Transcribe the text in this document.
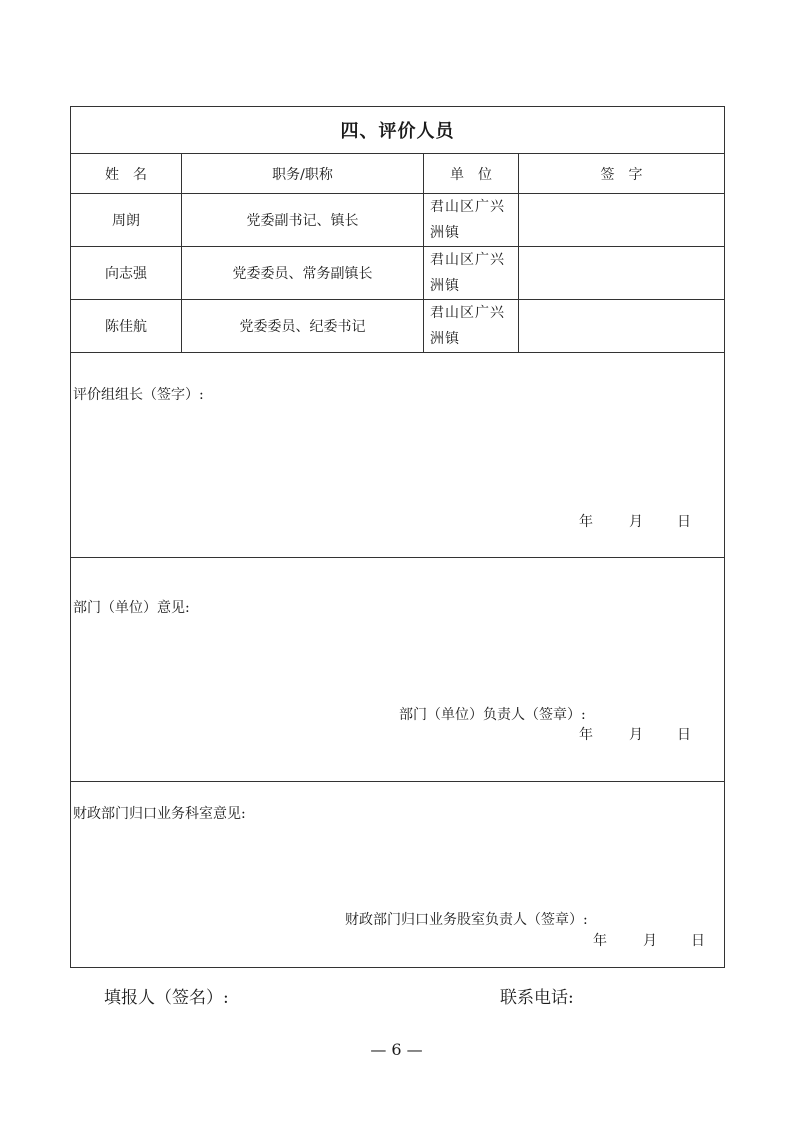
四、评价人员			
姓　名	职务/职称	单　位	签　字
周朗	党委副书记、镇长	君山区广兴洲镇	
向志强	党委委员、常务副镇长	君山区广兴洲镇	
陈佳航	党委委员、纪委书记	君山区广兴洲镇	

评价组组长（签字）:
年 月 日			

部门（单位）意见:
部门（单位）负责人（签章）:
年 月 日			

财政部门归口业务科室意见:
财政部门归口业务股室负责人（签章）:
年 月 日			
填报人（签名）:	联系电话:
— 6 —
